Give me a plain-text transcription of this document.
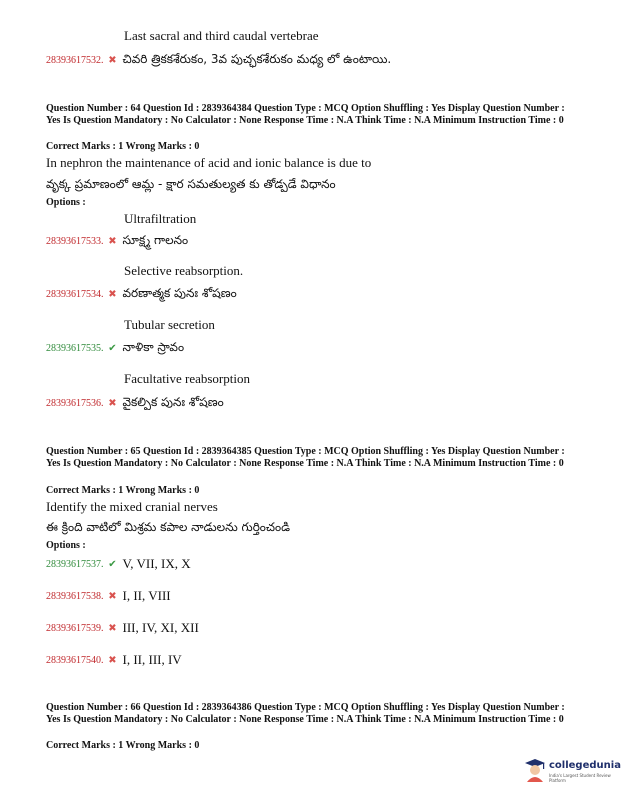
Last sacral and third caudal vertebrae
28393617532. ✖ చివరి త్రికకశేరుకం, 3వ పుచ్ఛకశేరుకం మధ్య లో ఉంటాయి.
Question Number : 64 Question Id : 2839364384 Question Type : MCQ Option Shuffling : Yes Display Question Number : Yes Is Question Mandatory : No Calculator : None Response Time : N.A Think Time : N.A Minimum Instruction Time : 0
Correct Marks : 1 Wrong Marks : 0
In nephron the maintenance of acid and ionic balance is due to
వృక్క ప్రమాణంలో ఆమ్ల - క్షార సమతుల్యత కు తోడ్పడే విధానం
Options :
Ultrafiltration
28393617533. ✖ సూక్ష్మ గాలనం
Selective reabsorption.
28393617534. ✖ వరణాత్మక పునః శోషణం
Tubular secretion
28393617535. ✔ నాళికా స్రావం
Facultative reabsorption
28393617536. ✖ వైకల్పిక పునః శోషణం
Question Number : 65 Question Id : 2839364385 Question Type : MCQ Option Shuffling : Yes Display Question Number : Yes Is Question Mandatory : No Calculator : None Response Time : N.A Think Time : N.A Minimum Instruction Time : 0
Correct Marks : 1 Wrong Marks : 0
Identify the mixed cranial nerves
ఈ క్రింది వాటిలో మిశ్రమ కపాల నాడులను గుర్తించండి
Options :
28393617537. ✔ V, VII, IX, X
28393617538. ✖ I, II, VIII
28393617539. ✖ III, IV, XI, XII
28393617540. ✖ I, II, III, IV
Question Number : 66 Question Id : 2839364386 Question Type : MCQ Option Shuffling : Yes Display Question Number : Yes Is Question Mandatory : No Calculator : None Response Time : N.A Think Time : N.A Minimum Instruction Time : 0
Correct Marks : 1 Wrong Marks : 0
collegedunia
India's Largest Student Review Platform
